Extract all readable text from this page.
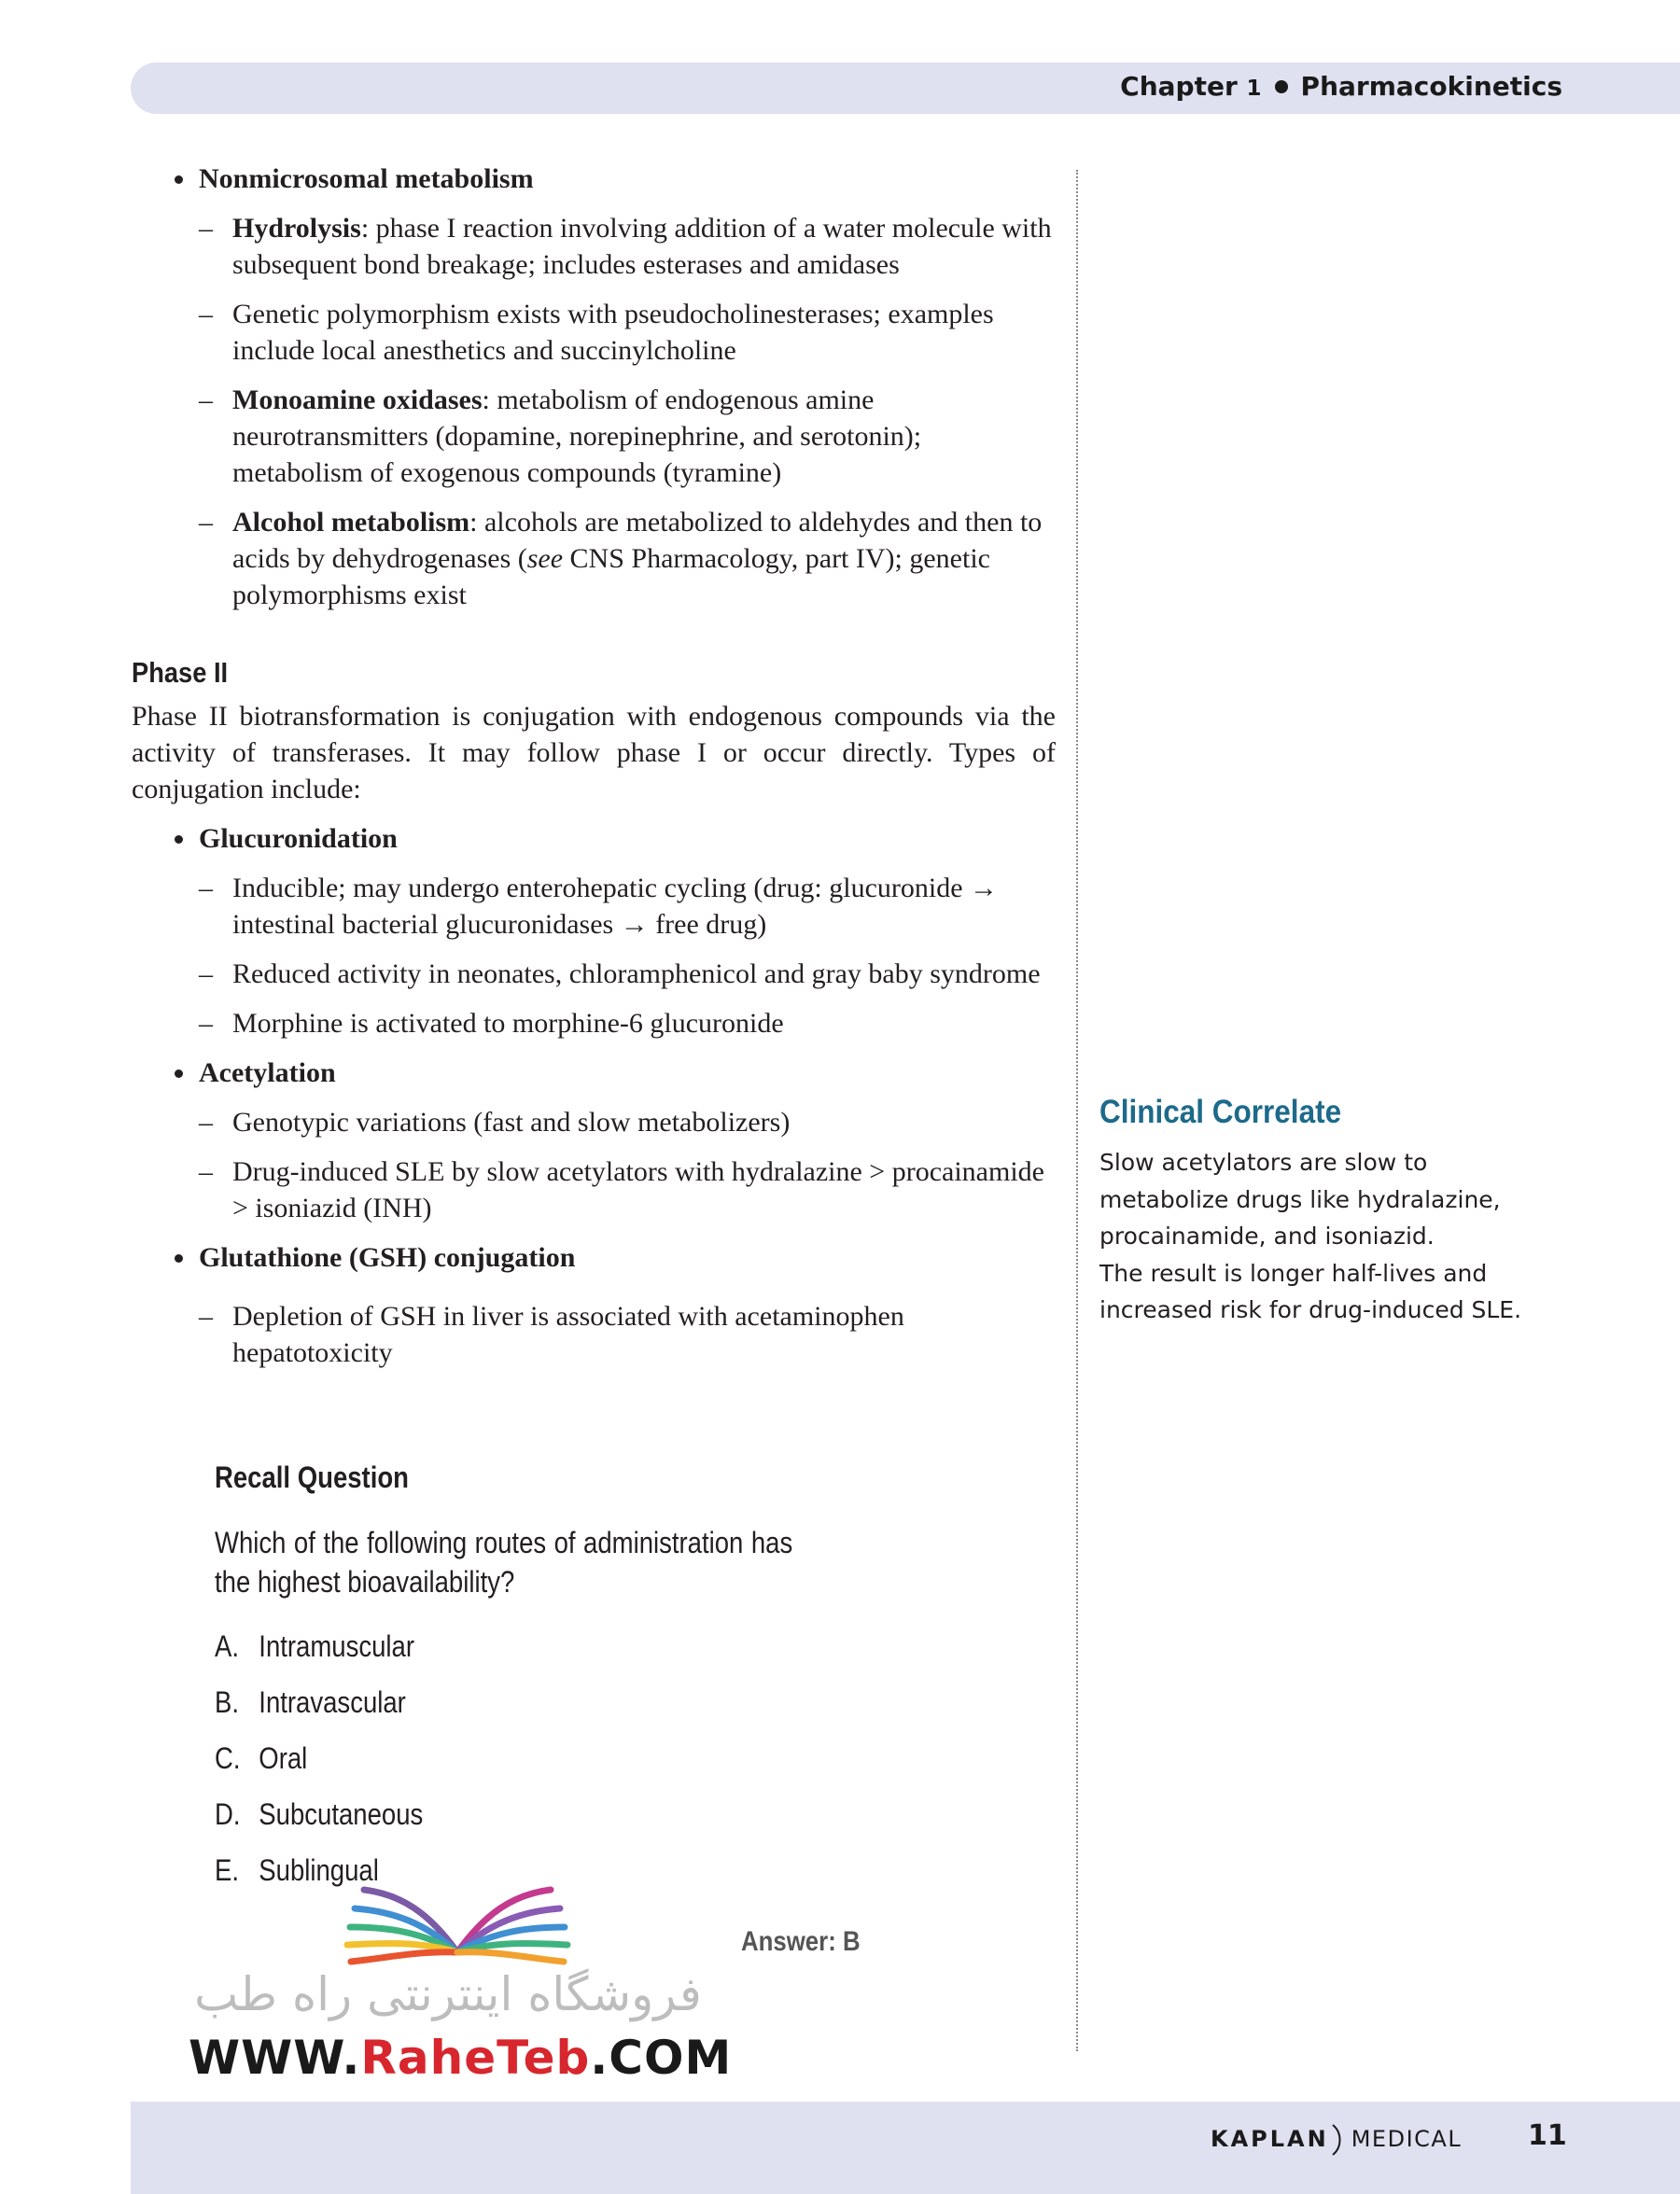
Chapter 1 Pharmacokinetics

Nonmicrosomal metabolism

– Hydrolysis: phase I reaction involving addition of a water molecule with subsequent bond breakage; includes esterases and amidases

– Genetic polymorphism exists with pseudocholinesterases; examples include local anesthetics and succinylcholine

– Monoamine oxidases: metabolism of endogenous amine neurotransmitters (dopamine, norepinephrine, and serotonin); metabolism of exogenous compounds (tyramine)

– Alcohol metabolism: alcohols are metabolized to aldehydes and then to acids by dehydrogenases (see CNS Pharmacology, part IV); genetic polymorphisms exist

Phase II

Phase II biotransformation is conjugation with endogenous compounds via the activity of transferases. It may follow phase I or occur directly. Types of conjugation include:

Glucuronidation

– Inducible; may undergo enterohepatic cycling (drug: glucuronide → intestinal bacterial glucuronidases → free drug)

– Reduced activity in neonates, chloramphenicol and gray baby syndrome

– Morphine is activated to morphine-6 glucuronide

Acetylation

– Genotypic variations (fast and slow metabolizers)

– Drug-induced SLE by slow acetylators with hydralazine > procainamide > isoniazid (INH)

Glutathione (GSH) conjugation

– Depletion of GSH in liver is associated with acetaminophen hepatotoxicity

Recall Question
Which of the following routes of administration has the highest bioavailability?
A. Intramuscular
B. Intravascular
C. Oral
D. Subcutaneous
E. Sublingual
Answer: B
Clinical Correlate
Slow acetylators are slow to
metabolize drugs like hydralazine,
procainamide, and isoniazid.
The result is longer half-lives and
increased risk for drug-induced SLE.
فروشگاه اینترنتی راه طب
WWW.RaheTeb.COM
KAPLAN MEDICAL 11
